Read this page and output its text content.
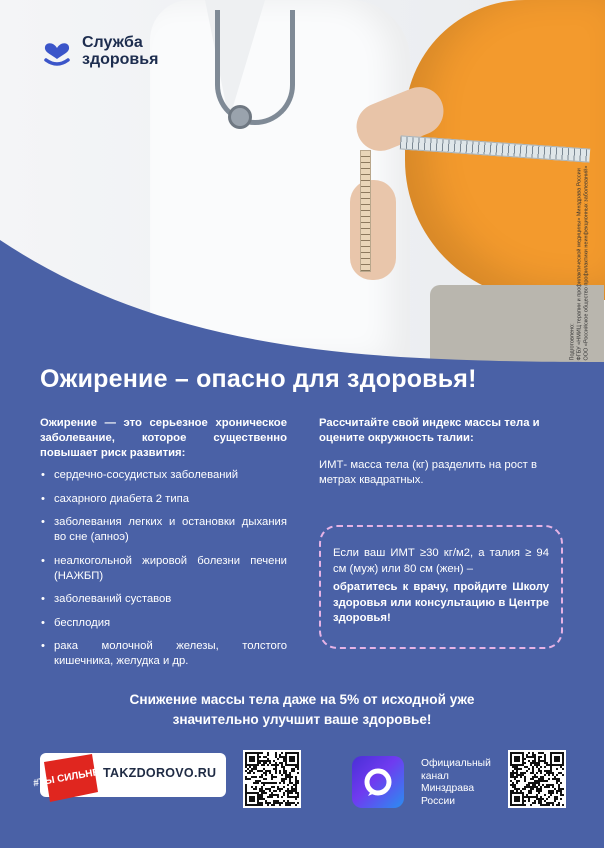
Подготовлено: ФГБУ «НМИЦ терапии и профилактической медицины» Минздрава России ООО «Российское общество профилактики неинфекционных заболеваний»
Служба
здоровья
Ожирение – опасно для здоровья!

Ожирение — это серьезное хроническое заболевание, которое существенно повышает риск развития:

• сердечно-сосудистых заболеваний
• сахарного диабета 2 типа
• заболевания легких и остановки дыхания во сне (апноэ)
• неалкогольной жировой болезни печени (НАЖБП)
• заболеваний суставов
• бесплодия
• рака молочной железы, толстого кишечника, желудка и др.

Рассчитайте свой индекс массы тела и оцените окружность талии:

ИМТ- масса тела (кг) разделить на рост в метрах квадратных.

Если ваш ИМТ ≥30 кг/м2, а талия ≥ 94 см (муж) или 80 см (жен) –

обратитесь к врачу, пройдите Школу здоровья или консультацию в Центре здоровья!

Снижение массы тела даже на 5% от исходной уже
значительно улучшит ваше здоровье!
#ТЫ СИЛЬНЕЕ
TAKZDOROVO.RU
Официальный
канал
Минздрава
России
